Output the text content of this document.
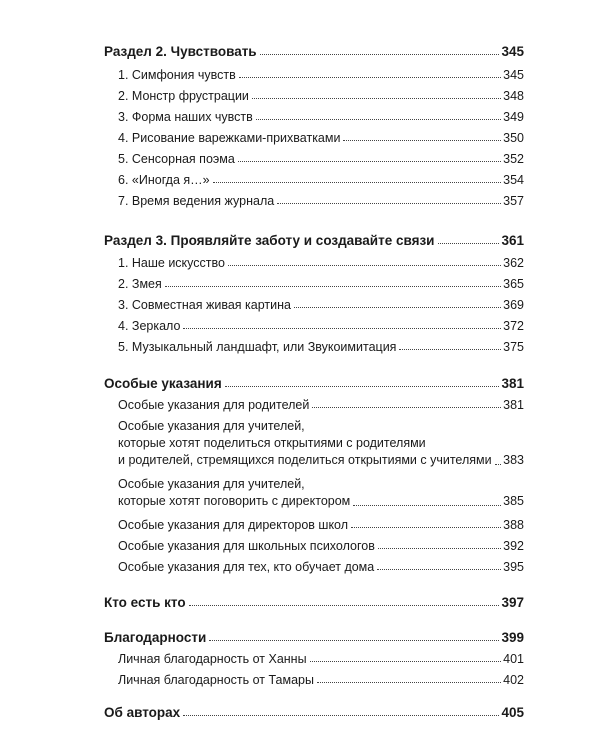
Раздел 2. Чувствовать	345
1. Симфония чувств	345
2. Монстр фрустрации	348
3. Форма наших чувств	349
4. Рисование варежками-прихватками	350
5. Сенсорная поэма	352
6. «Иногда я…»	354
7. Время ведения журнала	357
Раздел 3. Проявляйте заботу и создавайте связи	361
1. Наше искусство	362
2. Змея	365
3. Совместная живая картина	369
4. Зеркало	372
5. Музыкальный ландшафт, или Звукоимитация	375
Особые указания	381
Особые указания для родителей	381
Особые указания для учителей,
которые хотят поделиться открытиями с родителями
и родителей, стремящихся поделиться открытиями с учителями 383
Особые указания для учителей,
которые хотят поговорить с директором	385
Особые указания для директоров школ	388
Особые указания для школьных психологов	392
Особые указания для тех, кто обучает дома	395
Кто есть кто	397
Благодарности	399
Личная благодарность от Ханны	401
Личная благодарность от Тамары	402
Об авторах	405
